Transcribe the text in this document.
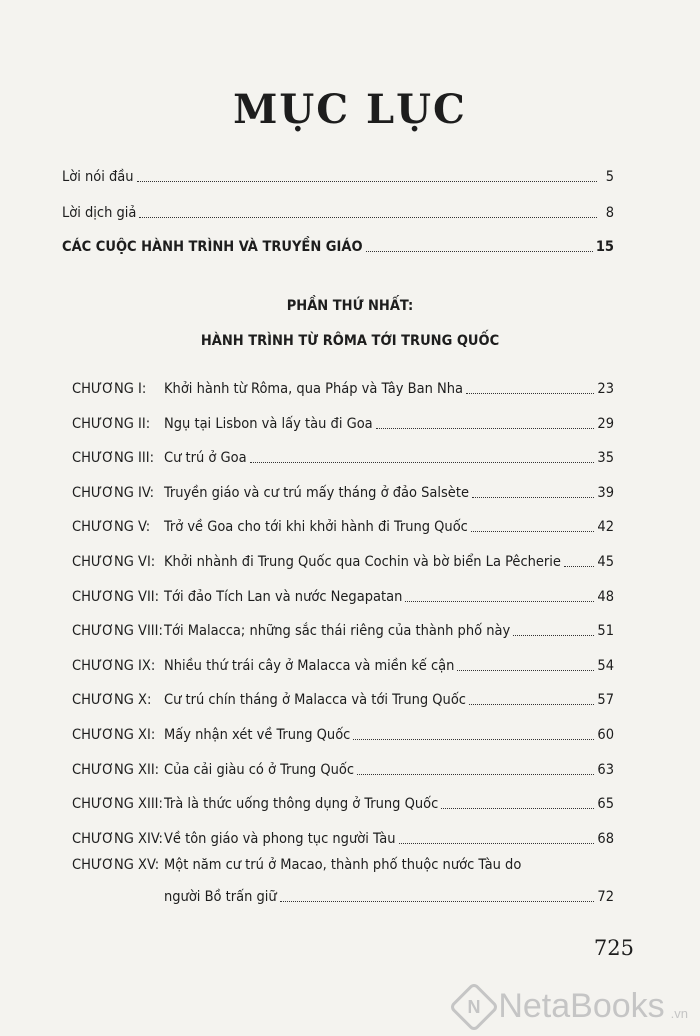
MỤC LỤC
Lời nói đầu	5
Lời dịch giả	8
CÁC CUỘC HÀNH TRÌNH VÀ TRUYỀN GIÁO	15
PHẦN THỨ NHẤT:
HÀNH TRÌNH TỪ RÔMA TỚI TRUNG QUỐC
CHƯƠNG I: Khởi hành từ Rôma, qua Pháp và Tây Ban Nha	23
CHƯƠNG II: Ngụ tại Lisbon và lấy tàu đi Goa	29
CHƯƠNG III: Cư trú ở Goa	35
CHƯƠNG IV: Truyền giáo và cư trú mấy tháng ở đảo Salsète	39
CHƯƠNG V: Trở về Goa cho tới khi khởi hành đi Trung Quốc	42
CHƯƠNG VI: Khởi nhành đi Trung Quốc qua Cochin và bờ biển La Pêcherie	45
CHƯƠNG VII: Tới đảo Tích Lan và nước Negapatan	48
CHƯƠNG VIII: Tới Malacca; những sắc thái riêng của thành phố này	51
CHƯƠNG IX: Nhiều thứ trái cây ở Malacca và miền kế cận	54
CHƯƠNG X: Cư trú chín tháng ở Malacca và tới Trung Quốc	57
CHƯƠNG XI: Mấy nhận xét về Trung Quốc	60
CHƯƠNG XII: Của cải giàu có ở Trung Quốc	63
CHƯƠNG XIII: Trà là thức uống thông dụng ở Trung Quốc	65
CHƯƠNG XIV: Về tôn giáo và phong tục người Tàu	68
CHƯƠNG XV: Một năm cư trú ở Macao, thành phố thuộc nước Tàu do
người Bồ trấn giữ	72
725
N NetaBooks .vn
